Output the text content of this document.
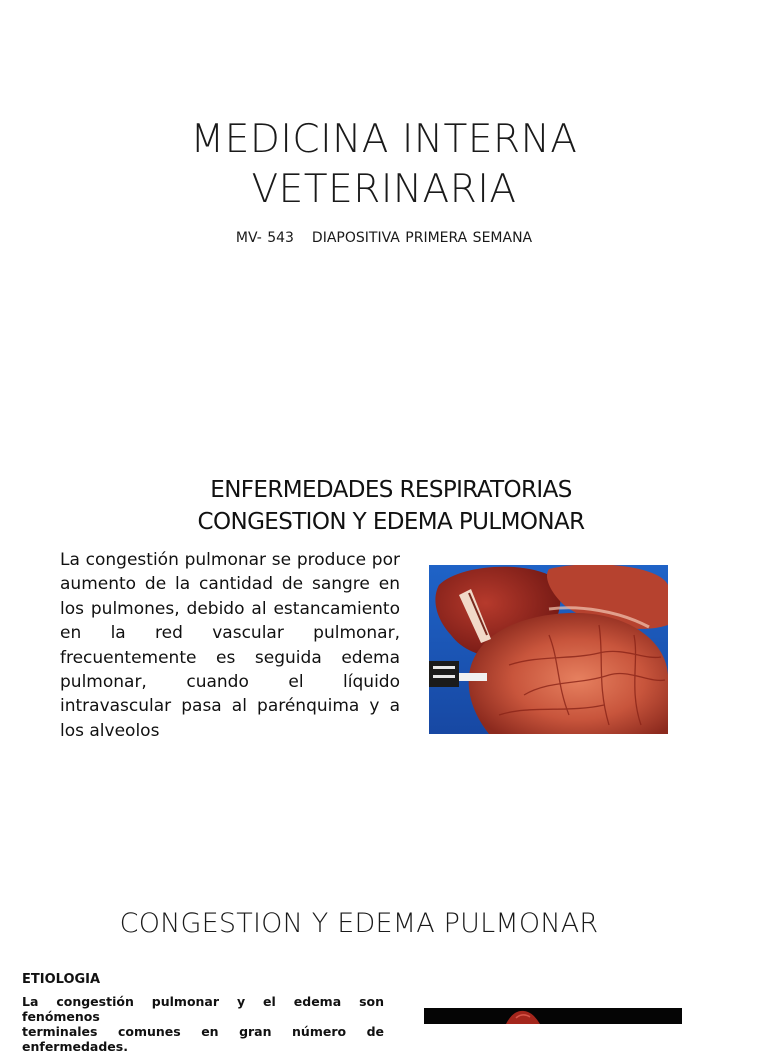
MEDICINA INTERNA
VETERINARIA
MV- 543 DIAPOSITIVA PRIMERA SEMANA
ENFERMEDADES RESPIRATORIAS
CONGESTION Y EDEMA PULMONAR

La congestión pulmonar se produce por aumento de la cantidad de sangre en los pulmones, debido al estancamiento en la red vascular pulmonar, frecuentemente es seguida edema pulmonar, cuando el líquido intravascular pasa al parénquima y a los alveolos

CONGESTION Y EDEMA PULMONAR
ETIOLOGIA
La congestión pulmonar y el edema son fenómenos
terminales comunes en gran número de enfermedades.
